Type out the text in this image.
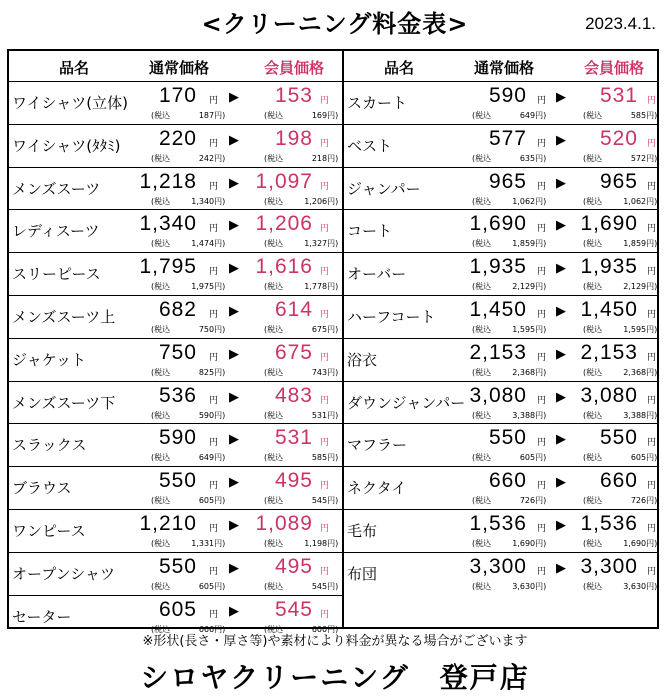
<クリーニング料金表>	2023.4.1.
品名	通常価格	会員価格
ワイシャツ(立体)	170 円 ▶	153 円
(税込	187円)	(税込	169円)
ワイシャツ(ﾀﾀﾐ)	220 円 ▶	198 円
(税込	242円)	(税込	218円)
メンズスーツ	1,218 円 ▶ 1,097 円
(税込	1,340円)	(税込	1,206円)
レディスーツ	1,340 円 ▶ 1,206 円
(税込	1,474円)	(税込	1,327円)
スリーピース	1,795 円 ▶ 1,616 円
(税込	1,975円)	(税込	1,778円)
メンズスーツ上	682 円 ▶	614 円
(税込	750円)	(税込	675円)
ジャケット	750 円 ▶	675 円
(税込	825円)	(税込	743円)
メンズスーツ下	536 円 ▶	483 円
(税込	590円)	(税込	531円)
スラックス	590 円 ▶	531 円
(税込	649円)	(税込	585円)
ブラウス	550 円 ▶	495 円
(税込	605円)	(税込	545円)
ワンピース	1,210 円 ▶ 1,089 円
(税込	1,331円)	(税込	1,198円)
オープンシャツ	550 円 ▶	495 円
(税込	605円)	(税込	545円)
セーター	605 円 ▶	545 円
(税込	666円)	(税込	600円)
品名	通常価格	会員価格
スカート	590 円 ▶	531 円
(税込	649円)	(税込	585円)
ベスト	577 円 ▶	520 円
(税込	635円)	(税込	572円)
ジャンパー	965 円 ▶	965 円
(税込	1,062円)	(税込	1,062円)
コート	1,690 円 ▶ 1,690 円
(税込	1,859円)	(税込	1,859円)
オーバー	1,935 円 ▶ 1,935 円
(税込	2,129円)	(税込	2,129円)
ハーフコート	1,450 円 ▶ 1,450 円
(税込	1,595円)	(税込	1,595円)
浴衣	2,153 円 ▶ 2,153 円
(税込	2,368円)	(税込	2,368円)
ダウンジャンパー 3,080 円 ▶ 3,080 円
(税込	3,388円)	(税込	3,388円)
マフラー	550 円 ▶	550 円
(税込	605円)	(税込	605円)
ネクタイ	660 円 ▶	660 円
(税込	726円)	(税込	726円)
毛布	1,536 円 ▶ 1,536 円
(税込	1,690円)	(税込	1,690円)
布団	3,300 円 ▶ 3,300 円
(税込	3,630円)	(税込	3,630円)
※形状(長さ・厚さ等)や素材により料金が異なる場合がございます
シロヤクリーニング　登戸店
